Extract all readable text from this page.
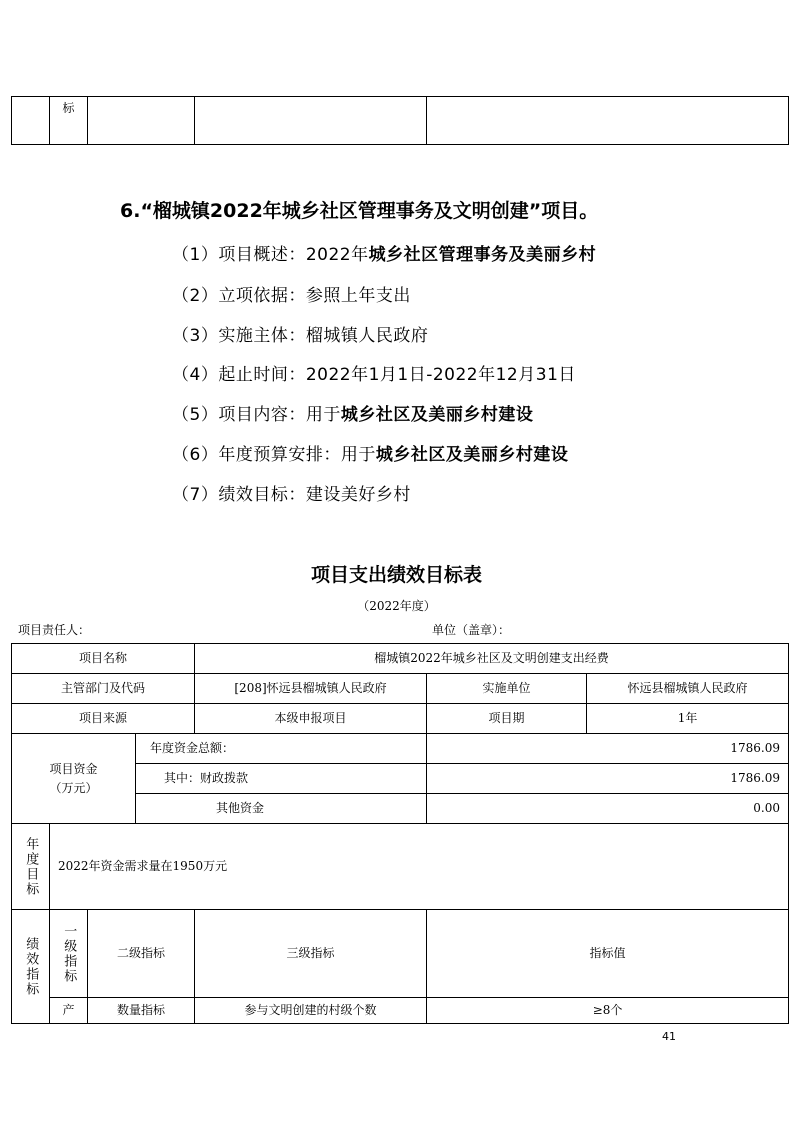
	标			
6.“榴城镇2022年城乡社区管理事务及文明创建”项目。
（1）项目概述：2022年城乡社区管理事务及美丽乡村
（2）立项依据：参照上年支出
（3）实施主体：榴城镇人民政府
（4）起止时间：2022年1月1日-2022年12月31日
（5）项目内容：用于城乡社区及美丽乡村建设
（6）年度预算安排：用于城乡社区及美丽乡村建设
（7）绩效目标：建设美好乡村
项目支出绩效目标表
（2022年度）
项目责任人：	单位（盖章）：
项目名称				榴城镇2022年城乡社区及文明创建支出经费		
主管部门及代码				[208]怀远县榴城镇人民政府	实施单位	怀远县榴城镇人民政府
项目来源				本级申报项目	项目期	1年

项目资金
（万元）			年度资金总额：		1786.09	
			其中：财政拨款		1786.09	
			其他资金		0.00	

年度目标	2022年资金需求量在1950万元					

绩效指标	一级指标	二级指标		三级指标	指标值	
	产	数量指标		参与文明创建的村级个数	≥8个	
41
